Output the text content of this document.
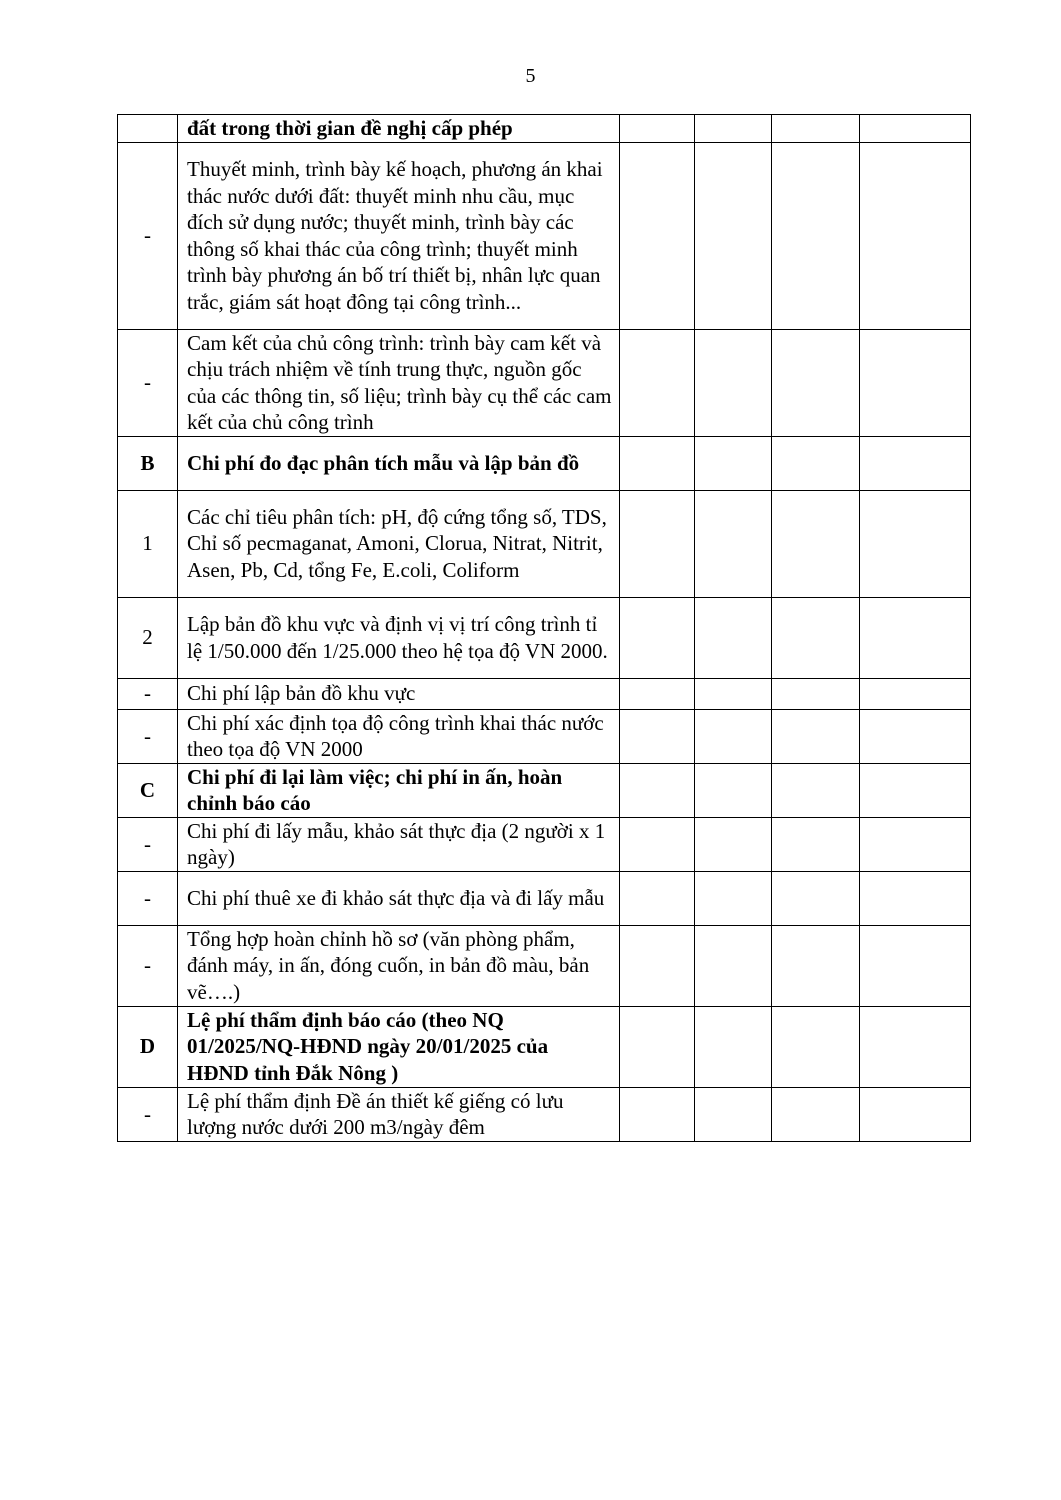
5
	đất trong thời gian đề nghị cấp phép				
-	Thuyết minh, trình bày kế hoạch, phương án khai thác nước dưới đất: thuyết minh nhu cầu, mục đích sử dụng nước; thuyết minh, trình bày các thông số khai thác của công trình; thuyết minh trình bày phương án bố trí thiết bị, nhân lực quan trắc, giám sát hoạt đông tại công trình...				
-	Cam kết của chủ công trình: trình bày cam kết và chịu trách nhiệm về tính trung thực, nguồn gốc của các thông tin, số liệu; trình bày cụ thể các cam kết của chủ công trình				
B	Chi phí đo đạc phân tích mẫu và lập bản đồ				
1	Các chỉ tiêu phân tích: pH, độ cứng tổng số, TDS, Chỉ số pecmaganat, Amoni, Clorua, Nitrat, Nitrit, Asen, Pb, Cd, tổng Fe, E.coli, Coliform				
2	Lập bản đồ khu vực và định vị vị trí công trình tỉ lệ 1/50.000 đến 1/25.000 theo hệ tọa độ VN 2000.				
-	Chi phí lập bản đồ khu vực				
-	Chi phí xác định tọa độ công trình khai thác nước theo tọa độ VN 2000				
C	Chi phí đi lại làm việc; chi phí in ấn, hoàn chỉnh báo cáo				
-	Chi phí đi lấy mẫu, khảo sát thực địa (2 người x 1 ngày)				
-	Chi phí thuê xe đi khảo sát thực địa và đi lấy mẫu				
-	Tổng hợp hoàn chỉnh hồ sơ (văn phòng phẩm, đánh máy, in ấn, đóng cuốn, in bản đồ màu, bản vẽ….)				
D	Lệ phí thẩm định báo cáo (theo NQ 01/2025/NQ-HĐND ngày 20/01/2025 của HĐND tỉnh Đắk Nông )				
-	Lệ phí thẩm định Đề án thiết kế giếng có lưu lượng nước dưới 200 m3/ngày đêm				
